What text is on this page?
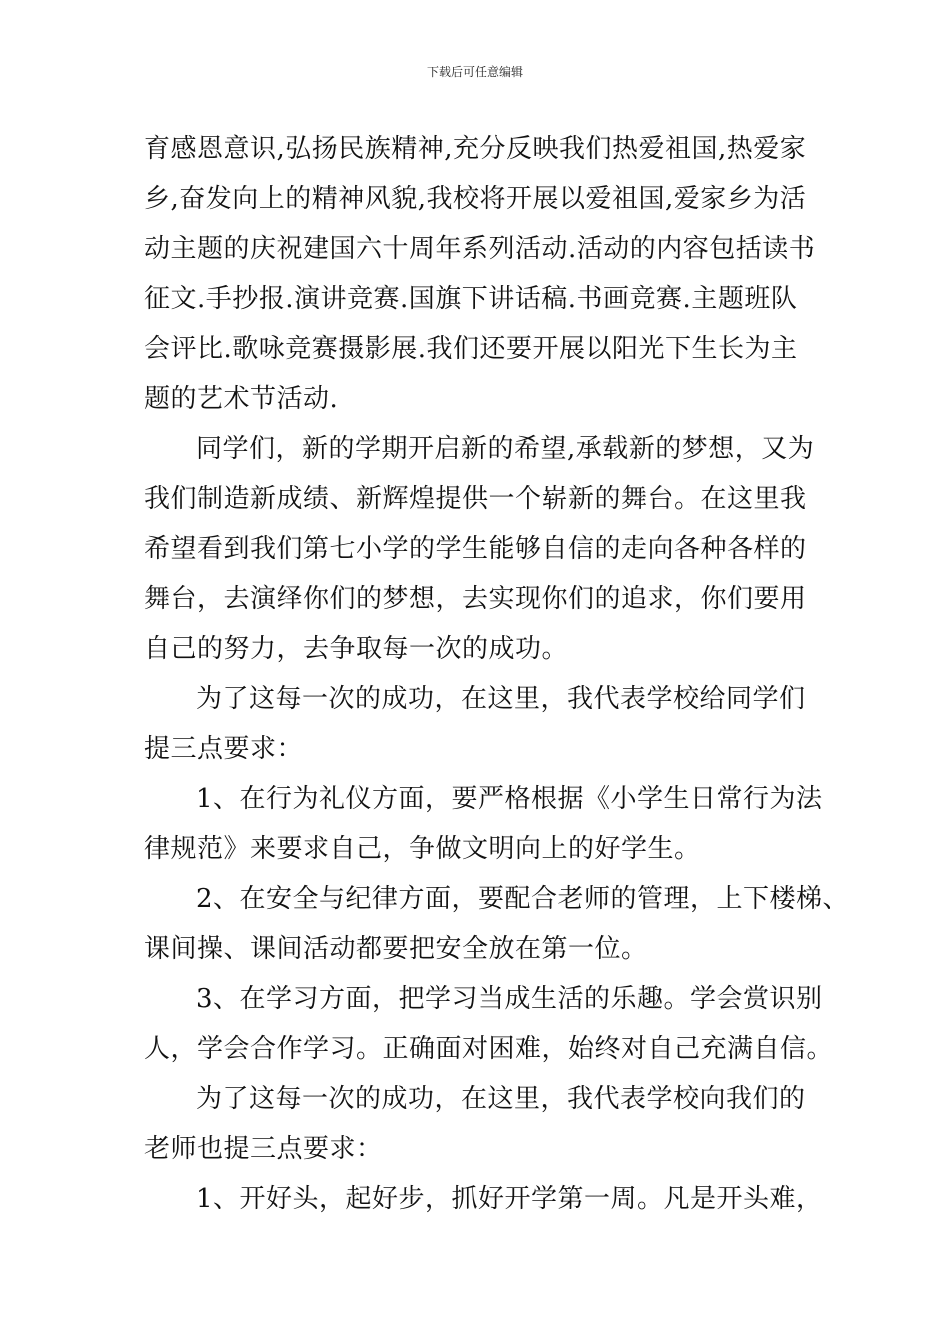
下载后可任意编辑
育感恩意识,弘扬民族精神,充分反映我们热爱祖国,热爱家
乡,奋发向上的精神风貌,我校将开展以爱祖国,爱家乡为活
动主题的庆祝建国六十周年系列活动.活动的内容包括读书
征文.手抄报.演讲竞赛.国旗下讲话稿.书画竞赛.主题班队
会评比.歌咏竞赛摄影展.我们还要开展以阳光下生长为主
题的艺术节活动.
同学们，新的学期开启新的希望,承载新的梦想，又为
我们制造新成绩、新辉煌提供一个崭新的舞台。在这里我
希望看到我们第七小学的学生能够自信的走向各种各样的
舞台，去演绎你们的梦想，去实现你们的追求，你们要用
自己的努力，去争取每一次的成功。
为了这每一次的成功，在这里，我代表学校给同学们
提三点要求：
1、在行为礼仪方面，要严格根据《小学生日常行为法
律规范》来要求自己，争做文明向上的好学生。
2、在安全与纪律方面，要配合老师的管理，上下楼梯、
课间操、课间活动都要把安全放在第一位。
3、在学习方面，把学习当成生活的乐趣。学会赏识别
人，学会合作学习。正确面对困难，始终对自己充满自信。
为了这每一次的成功，在这里，我代表学校向我们的
老师也提三点要求：
1、开好头，起好步，抓好开学第一周。凡是开头难，
